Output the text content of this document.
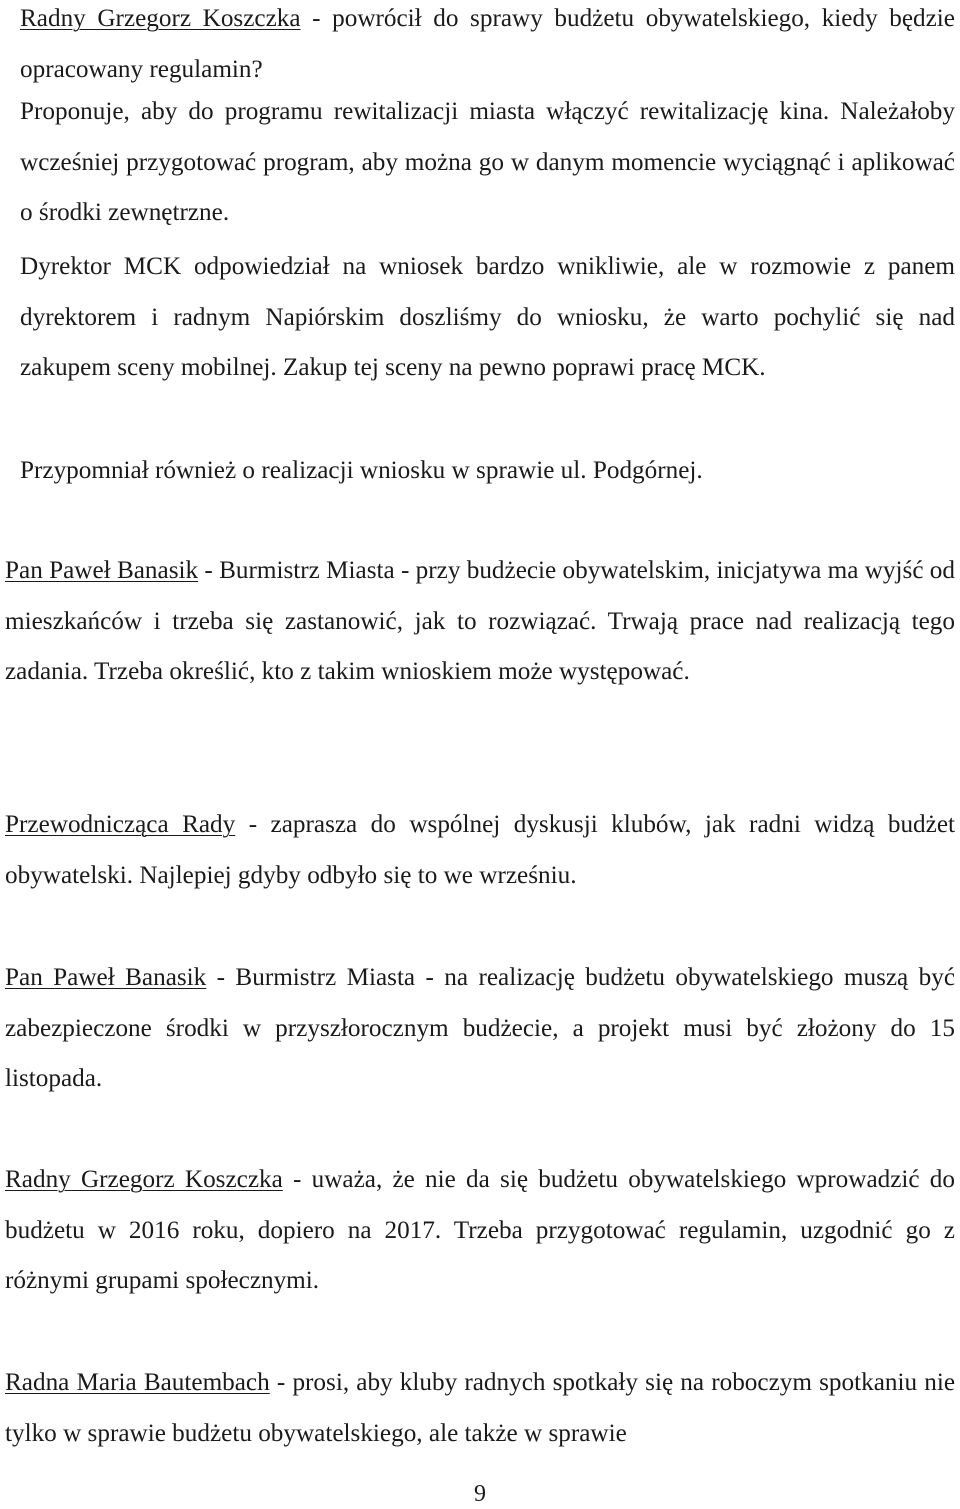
Radny Grzegorz Koszczka - powrócił do sprawy budżetu obywatelskiego, kiedy będzie opracowany regulamin?

Proponuje, aby do programu rewitalizacji miasta włączyć rewitalizację kina. Należałoby wcześniej przygotować program, aby można go w danym momencie wyciągnąć i aplikować o środki zewnętrzne.

Dyrektor MCK odpowiedział na wniosek bardzo wnikliwie, ale w rozmowie z panem dyrektorem i radnym Napiórskim doszliśmy do wniosku, że warto pochylić się nad zakupem sceny mobilnej. Zakup tej sceny na pewno poprawi pracę MCK.

Przypomniał również o realizacji wniosku w sprawie ul. Podgórnej.

Pan Paweł Banasik - Burmistrz Miasta - przy budżecie obywatelskim, inicjatywa ma wyjść od mieszkańców i trzeba się zastanowić, jak to rozwiązać. Trwają prace nad realizacją tego zadania. Trzeba określić, kto z takim wnioskiem może występować.

Przewodnicząca Rady - zaprasza do wspólnej dyskusji klubów, jak radni widzą budżet obywatelski. Najlepiej gdyby odbyło się to we wrześniu.

Pan Paweł Banasik - Burmistrz Miasta - na realizację budżetu obywatelskiego muszą być zabezpieczone środki w przyszłorocznym budżecie, a projekt musi być złożony do 15 listopada.

Radny Grzegorz Koszczka - uważa, że nie da się budżetu obywatelskiego wprowadzić do budżetu w 2016 roku, dopiero na 2017. Trzeba przygotować regulamin, uzgodnić go z różnymi grupami społecznymi.

Radna Maria Bautembach - prosi, aby kluby radnych spotkały się na roboczym spotkaniu nie tylko w sprawie budżetu obywatelskiego, ale także w sprawie

9
